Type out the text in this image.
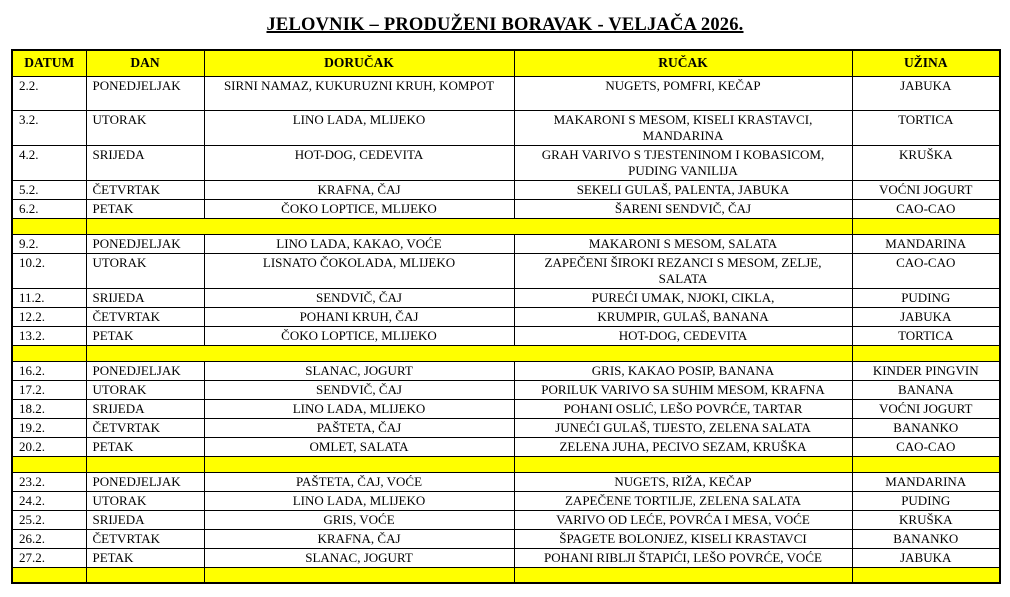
JELOVNIK – PRODUŽENI BORAVAK - VELJAČA 2026.
DATUM	DAN	DORUČAK	RUČAK	UŽINA
2.2.	PONEDJELJAK	SIRNI NAMAZ, KUKURUZNI KRUH, KOMPOT	NUGETS, POMFRI, KEČAP	JABUKA
3.2.	UTORAK	LINO LADA, MLIJEKO	MAKARONI S MESOM, KISELI KRASTAVCI, MANDARINA	TORTICA
4.2.	SRIJEDA	HOT-DOG, CEDEVITA	GRAH VARIVO S TJESTENINOM I KOBASICOM, PUDING VANILIJA	KRUŠKA
5.2.	ČETVRTAK	KRAFNA, ČAJ	SEKELI GULAŠ, PALENTA, JABUKA	VOĆNI JOGURT
6.2.	PETAK	ČOKO LOPTICE, MLIJEKO	ŠARENI SENDVIČ, ČAJ	CAO-CAO

9.2.	PONEDJELJAK	LINO LADA, KAKAO, VOĆE	MAKARONI S MESOM, SALATA	MANDARINA
10.2.	UTORAK	LISNATO ČOKOLADA, MLIJEKO	ZAPEČENI ŠIROKI REZANCI S MESOM, ZELJE, SALATA	CAO-CAO
11.2.	SRIJEDA	SENDVIČ, ČAJ	PUREĆI UMAK, NJOKI, CIKLA,	PUDING
12.2.	ČETVRTAK	POHANI KRUH, ČAJ	KRUMPIR, GULAŠ, BANANA	JABUKA
13.2.	PETAK	ČOKO LOPTICE, MLIJEKO	HOT-DOG, CEDEVITA	TORTICA

16.2.	PONEDJELJAK	SLANAC, JOGURT	GRIS, KAKAO POSIP, BANANA	KINDER PINGVIN
17.2.	UTORAK	SENDVIČ, ČAJ	PORILUK VARIVO SA SUHIM MESOM, KRAFNA	BANANA
18.2.	SRIJEDA	LINO LADA, MLIJEKO	POHANI OSLIĆ, LEŠO POVRĆE, TARTAR	VOĆNI JOGURT
19.2.	ČETVRTAK	PAŠTETA, ČAJ	JUNEĆI GULAŠ, TIJESTO, ZELENA SALATA	BANANKO
20.2.	PETAK	OMLET, SALATA	ZELENA JUHA, PECIVO SEZAM, KRUŠKA	CAO-CAO

23.2.	PONEDJELJAK	PAŠTETA, ČAJ, VOĆE	NUGETS, RIŽA, KEČAP	MANDARINA
24.2.	UTORAK	LINO LADA, MLIJEKO	ZAPEČENE TORTILJE, ZELENA SALATA	PUDING
25.2.	SRIJEDA	GRIS, VOĆE	VARIVO OD LEĆE, POVRĆA I MESA, VOĆE	KRUŠKA
26.2.	ČETVRTAK	KRAFNA, ČAJ	ŠPAGETE BOLONJEZ, KISELI KRASTAVCI	BANANKO
27.2.	PETAK	SLANAC, JOGURT	POHANI RIBLJI ŠTAPIĆI, LEŠO POVRĆE, VOĆE	JABUKA
